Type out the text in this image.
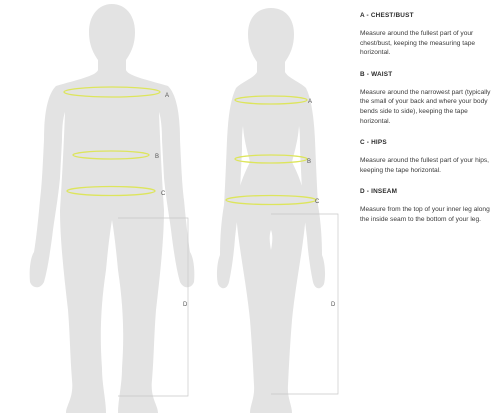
A
B
C
D
A
B
C
D
A - CHEST/BUST
Measure around the fullest part of your chest/bust, keeping the measuring tape horizontal.
B - WAIST
Measure around the narrowest part (typically the small of your back and where your body bends side to side), keeping the tape horizontal.
C - HIPS
Measure around the fullest part of your hips, keeping the tape horizontal.
D - INSEAM
Measure from the top of your inner leg along the inside seam to the bottom of your leg.
